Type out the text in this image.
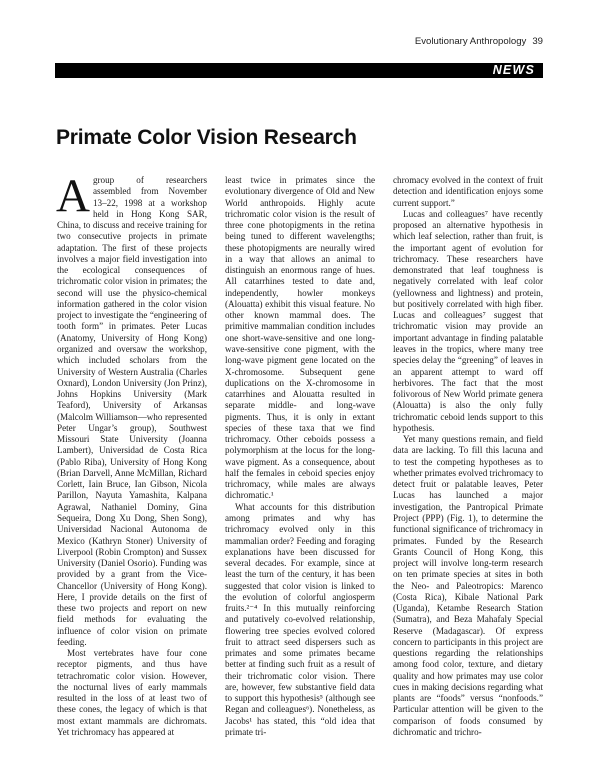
Evolutionary Anthropology 39
NEWS
Primate Color Vision Research

Agroup of researchers assembled from November 13–22, 1998 at a workshop held in Hong Kong SAR, China, to discuss and receive training for two consecutive projects in primate adaptation. The first of these projects involves a major field investigation into the ecological consequences of trichromatic color vision in primates; the second will use the physico-chemical information gathered in the color vision project to investigate the “engineering of tooth form” in primates. Peter Lucas (Anatomy, University of Hong Kong) organized and oversaw the workshop, which included scholars from the University of Western Australia (Charles Oxnard), London University (Jon Prinz), Johns Hopkins University (Mark Teaford), University of Arkansas (Malcolm Williamson—who represented Peter Ungar’s group), Southwest Missouri State University (Joanna Lambert), Universidad de Costa Rica (Pablo Riba), University of Hong Kong (Brian Darvell, Anne McMillan, Richard Corlett, Iain Bruce, Ian Gibson, Nicola Parillon, Nayuta Yamashita, Kalpana Agrawal, Nathaniel Dominy, Gina Sequeira, Dong Xu Dong, Shen Song), Universidad Nacional Autonoma de Mexico (Kathryn Stoner) University of Liverpool (Robin Crompton) and Sussex University (Daniel Osorio). Funding was provided by a grant from the Vice-Chancellor (University of Hong Kong). Here, I provide details on the first of these two projects and report on new field methods for evaluating the influence of color vision on primate feeding.

Most vertebrates have four cone receptor pigments, and thus have tetrachromatic color vision. However, the nocturnal lives of early mammals resulted in the loss of at least two of these cones, the legacy of which is that most extant mammals are dichromats. Yet trichromacy has appeared at

least twice in primates since the evolutionary divergence of Old and New World anthropoids. Highly acute trichromatic color vision is the result of three cone photopigments in the retina being tuned to different wavelengths; these photopigments are neurally wired in a way that allows an animal to distinguish an enormous range of hues. All catarrhines tested to date and, independently, howler monkeys (Alouatta) exhibit this visual feature. No other known mammal does. The primitive mammalian condition includes one short-wave-sensitive and one long-wave-sensitive cone pigment, with the long-wave pigment gene located on the X-chromosome. Subsequent gene duplications on the X-chromosome in catarrhines and Alouatta resulted in separate middle- and long-wave pigments. Thus, it is only in extant species of these taxa that we find trichromacy. Other ceboids possess a polymorphism at the locus for the long-wave pigment. As a consequence, about half the females in ceboid species enjoy trichromacy, while males are always dichromatic.¹

What accounts for this distribution among primates and why has trichromacy evolved only in this mammalian order? Feeding and foraging explanations have been discussed for several decades. For example, since at least the turn of the century, it has been suggested that color vision is linked to the evolution of colorful angiosperm fruits.²⁻⁴ In this mutually reinforcing and putatively co-evolved relationship, flowering tree species evolved colored fruit to attract seed dispersers such as primates and some primates became better at finding such fruit as a result of their trichromatic color vision. There are, however, few substantive field data to support this hypothesis⁵ (although see Regan and colleagues⁶). Nonetheless, as Jacobs¹ has stated, this “old idea that primate tri-

chromacy evolved in the context of fruit detection and identification enjoys some current support.”

Lucas and colleagues⁷ have recently proposed an alternative hypothesis in which leaf selection, rather than fruit, is the important agent of evolution for trichromacy. These researchers have demonstrated that leaf toughness is negatively correlated with leaf color (yellowness and lightness) and protein, but positively correlated with high fiber. Lucas and colleagues⁷ suggest that trichromatic vision may provide an important advantage in finding palatable leaves in the tropics, where many tree species delay the “greening” of leaves in an apparent attempt to ward off herbivores. The fact that the most folivorous of New World primate genera (Alouatta) is also the only fully trichromatic ceboid lends support to this hypothesis.

Yet many questions remain, and field data are lacking. To fill this lacuna and to test the competing hypotheses as to whether primates evolved trichromacy to detect fruit or palatable leaves, Peter Lucas has launched a major investigation, the Pantropical Primate Project (PPP) (Fig. 1), to determine the functional significance of trichromacy in primates. Funded by the Research Grants Council of Hong Kong, this project will involve long-term research on ten primate species at sites in both the Neo- and Paleotropics: Marenco (Costa Rica), Kibale National Park (Uganda), Ketambe Research Station (Sumatra), and Beza Mahafaly Special Reserve (Madagascar). Of express concern to participants in this project are questions regarding the relationships among food color, texture, and dietary quality and how primates may use color cues in making decisions regarding what plants are “foods” versus “nonfoods.” Particular attention will be given to the comparison of foods consumed by dichromatic and trichro-
